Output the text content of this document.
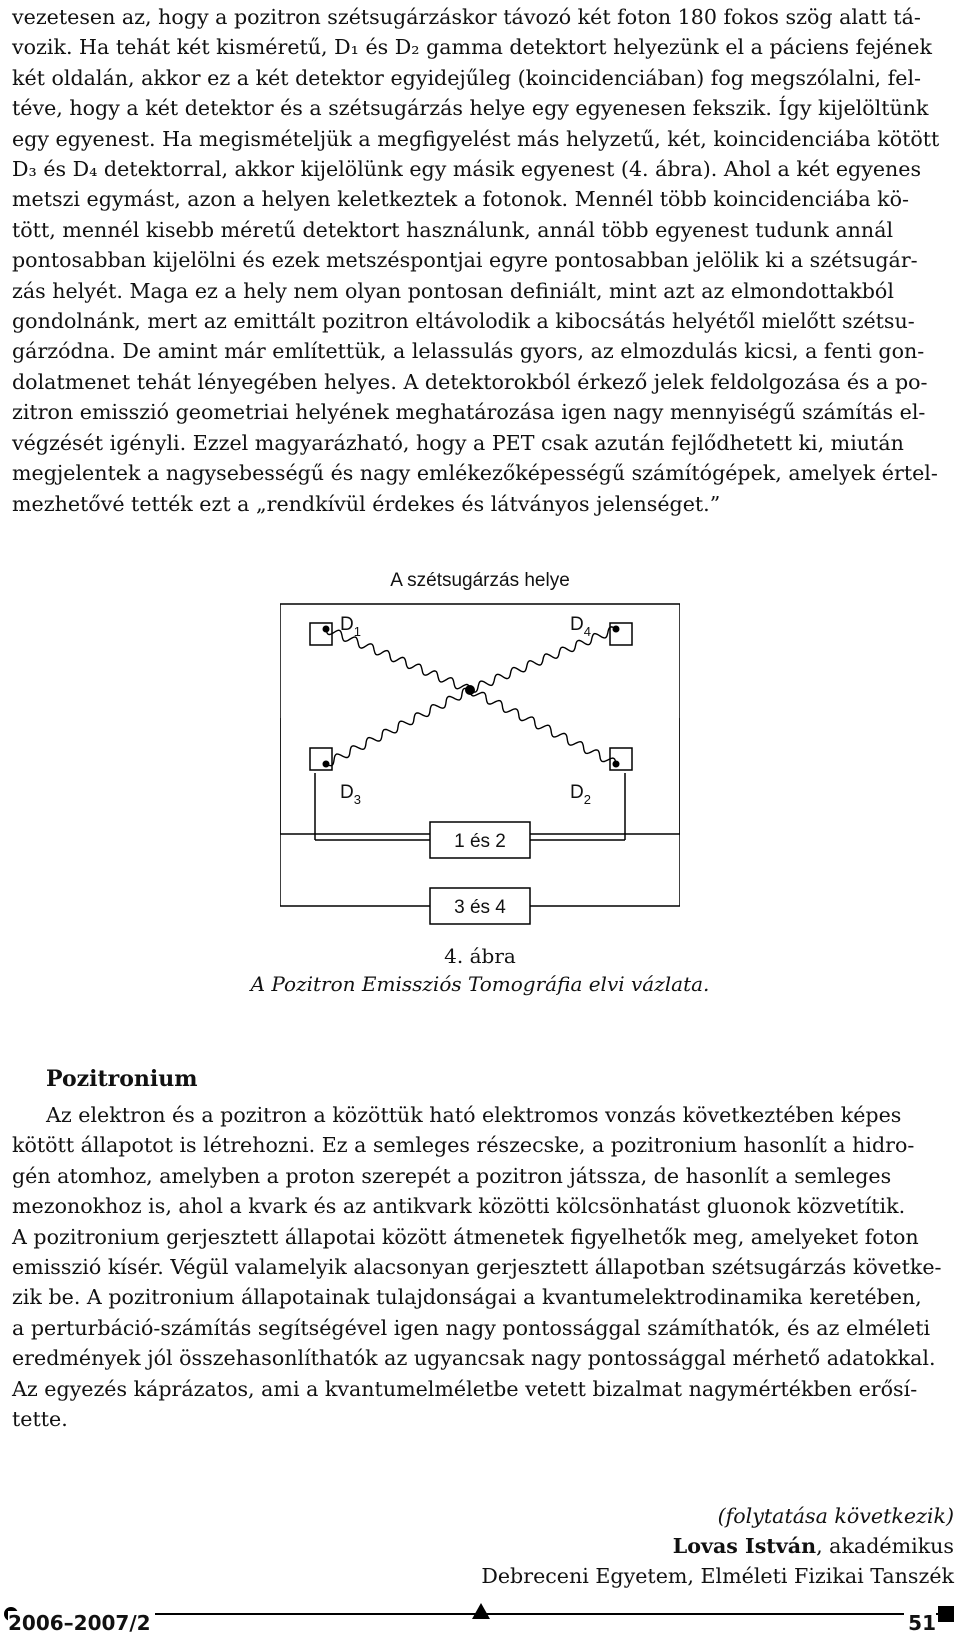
vezetesen az, hogy a pozitron szétsugárzáskor távozó két foton 180 fokos szög alatt tá-
vozik. Ha tehát két kisméretű, D₁ és D₂ gamma detektort helyezünk el a páciens fejének
két oldalán, akkor ez a két detektor egyidejűleg (koincidenciában) fog megszólalni, fel-
téve, hogy a két detektor és a szétsugárzás helye egy egyenesen fekszik. Így kijelöltünk
egy egyenest. Ha megismételjük a megfigyelést más helyzetű, két, koincidenciába kötött
D₃ és D₄ detektorral, akkor kijelölünk egy másik egyenest (4. ábra). Ahol a két egyenes
metszi egymást, azon a helyen keletkeztek a fotonok. Mennél több koincidenciába kö-
tött, mennél kisebb méretű detektort használunk, annál több egyenest tudunk annál
pontosabban kijelölni és ezek metszéspontjai egyre pontosabban jelölik ki a szétsugár-
zás helyét. Maga ez a hely nem olyan pontosan definiált, mint azt az elmondottakból
gondolnánk, mert az emittált pozitron eltávolodik a kibocsátás helyétől mielőtt szétsu-
gárzódna. De amint már említettük, a lelassulás gyors, az elmozdulás kicsi, a fenti gon-
dolatmenet tehát lényegében helyes. A detektorokból érkező jelek feldolgozása és a po-
zitron emisszió geometriai helyének meghatározása igen nagy mennyiségű számítás el-
végzését igényli. Ezzel magyarázható, hogy a PET csak azután fejlődhetett ki, miután
megjelentek a nagysebességű és nagy emlékezőképességű számítógépek, amelyek értel-
mezhetővé tették ezt a „rendkívül érdekes és látványos jelenséget.”
A szétsugárzás helye
$D_1$	$D_4$
$D_3$	$D_2$
1 és 2
3 és 4
4. ábra
A Pozitron Emissziós Tomográfia elvi vázlata.
Pozitronium
Az elektron és a pozitron a közöttük ható elektromos vonzás következtében képes
kötött állapotot is létrehozni. Ez a semleges részecske, a pozitronium hasonlít a hidro-
gén atomhoz, amelyben a proton szerepét a pozitron játssza, de hasonlít a semleges
mezonokhoz is, ahol a kvark és az antikvark közötti kölcsönhatást gluonok közvetítik.
A pozitronium gerjesztett állapotai között átmenetek figyelhetők meg, amelyeket foton
emisszió kísér. Végül valamelyik alacsonyan gerjesztett állapotban szétsugárzás követke-
zik be. A pozitronium állapotainak tulajdonságai a kvantumelektrodinamika keretében,
a perturbáció-számítás segítségével igen nagy pontossággal számíthatók, és az elméleti
eredmények jól összehasonlíthatók az ugyancsak nagy pontossággal mérhető adatokkal.
Az egyezés káprázatos, ami a kvantumelméletbe vetett bizalmat nagymértékben erősí-
tette.
(folytatása következik)
Lovas István, akadémikus
Debreceni Egyetem, Elméleti Fizikai Tanszék
2006–2007/2	51
